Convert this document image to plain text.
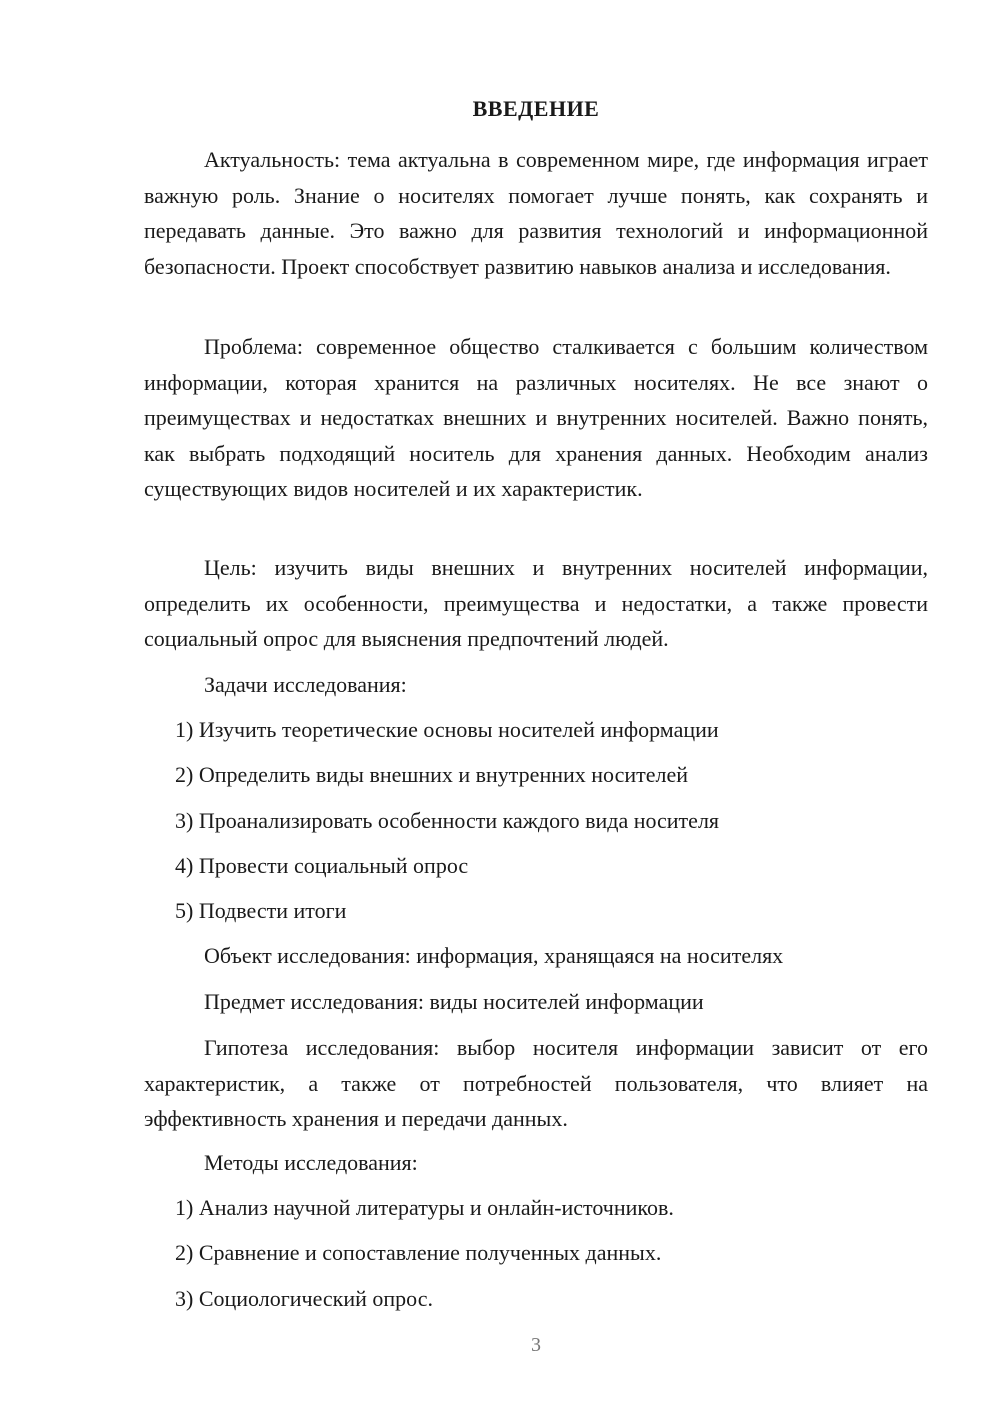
ВВЕДЕНИЕ

Актуальность: тема актуальна в современном мире, где информация играет важную роль. Знание о носителях помогает лучше понять, как сохранять и передавать данные. Это важно для развития технологий и информационной безопасности. Проект способствует развитию навыков анализа и исследования.

Проблема: современное общество сталкивается с большим количеством информации, которая хранится на различных носителях. Не все знают о преимуществах и недостатках внешних и внутренних носителей. Важно понять, как выбрать подходящий носитель для хранения данных. Необходим анализ существующих видов носителей и их характеристик.

Цель: изучить виды внешних и внутренних носителей информации, определить их особенности, преимущества и недостатки, а также провести социальный опрос для выяснения предпочтений людей.

Задачи исследования:
1) Изучить теоретические основы носителей информации
2) Определить виды внешних и внутренних носителей
3) Проанализировать особенности каждого вида носителя
4) Провести социальный опрос
5) Подвести итоги
Объект исследования: информация, хранящаяся на носителях
Предмет исследования: виды носителей информации

Гипотеза исследования: выбор носителя информации зависит от его характеристик, а также от потребностей пользователя, что влияет на эффективность хранения и передачи данных.

Методы исследования:
1) Анализ научной литературы и онлайн-источников.
2) Сравнение и сопоставление полученных данных.
3) Социологический опрос.
3
